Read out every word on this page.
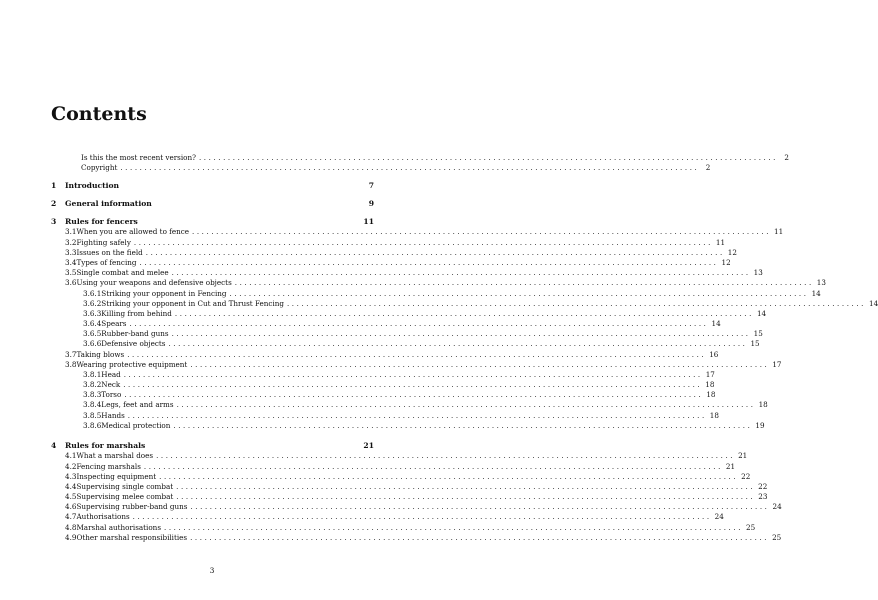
Contents
Is this the most recent version? ........................................................................................................................ 2
Copyright ........................................................................................................................ 2
1	Introduction	7
2	General information	9
3	Rules for fencers	11
3.1 When you are allowed to fence ........................................................................................................................ 11
3.2 Fighting safely ........................................................................................................................ 11
3.3 Issues on the field ........................................................................................................................ 12
3.4 Types of fencing ........................................................................................................................ 12
3.5 Single combat and melee ........................................................................................................................ 13
3.6 Using your weapons and defensive objects ........................................................................................................................ 13
3.6.1 Striking your opponent in Fencing ........................................................................................................................ 14
3.6.2 Striking your opponent in Cut and Thrust Fencing ........................................................................................................................ 14
3.6.3 Killing from behind ........................................................................................................................ 14
3.6.4 Spears ........................................................................................................................ 14
3.6.5 Rubber-band guns ........................................................................................................................ 15
3.6.6 Defensive objects ........................................................................................................................ 15
3.7 Taking blows ........................................................................................................................ 16
3.8 Wearing protective equipment ........................................................................................................................ 17
3.8.1 Head ........................................................................................................................ 17
3.8.2 Neck ........................................................................................................................ 18
3.8.3 Torso ........................................................................................................................ 18
3.8.4 Legs, feet and arms ........................................................................................................................ 18
3.8.5 Hands ........................................................................................................................ 18
3.8.6 Medical protection ........................................................................................................................ 19
4	Rules for marshals	21
4.1 What a marshal does ........................................................................................................................ 21
4.2 Fencing marshals ........................................................................................................................ 21
4.3 Inspecting equipment ........................................................................................................................ 22
4.4 Supervising single combat ........................................................................................................................ 22
4.5 Supervising melee combat ........................................................................................................................ 23
4.6 Supervising rubber-band guns ........................................................................................................................ 24
4.7 Authorisations ........................................................................................................................ 24
4.8 Marshal authorisations ........................................................................................................................ 25
4.9 Other marshal responsibilities ........................................................................................................................ 25
3
